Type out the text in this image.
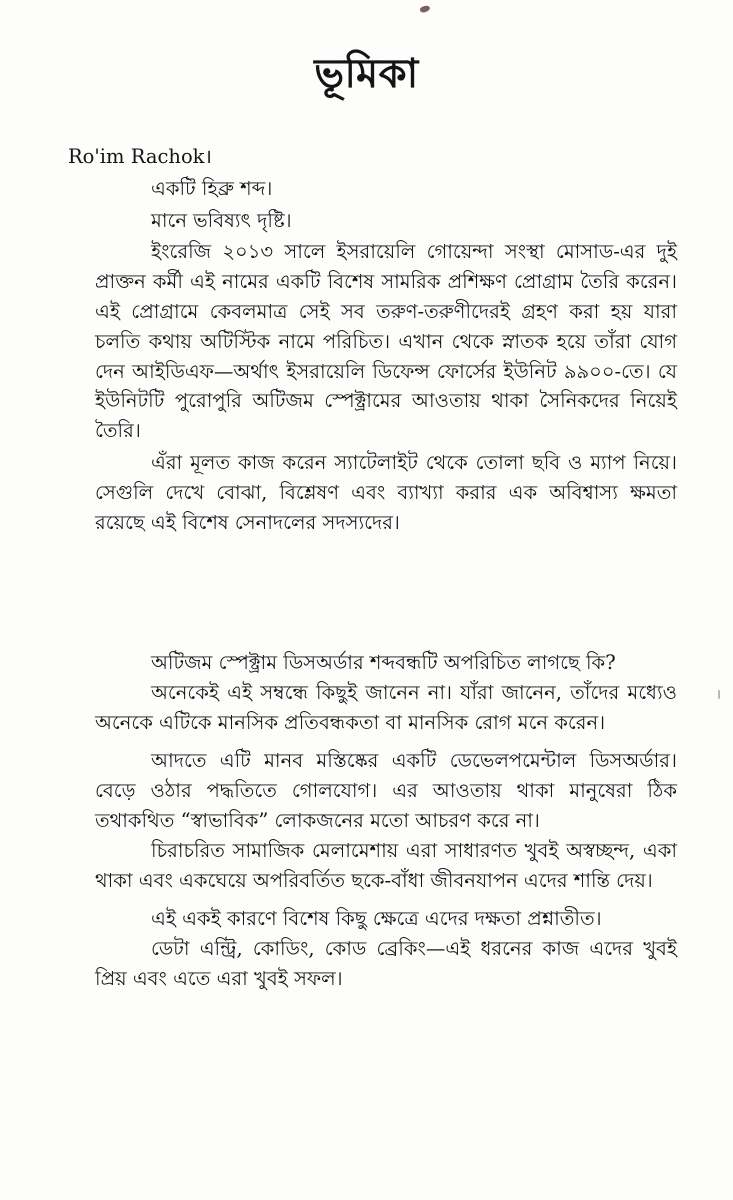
ভূমিকা

Ro'im Rachok।

একটি হিব্রু শব্দ।

মানে ভবিষ্যৎ দৃষ্টি।

ইংরেজি ২০১৩ সালে ইসরায়েলি গোয়েন্দা সংস্থা মোসাড-এর দুই প্রাক্তন কর্মী এই নামের একটি বিশেষ সামরিক প্রশিক্ষণ প্রোগ্রাম তৈরি করেন। এই প্রোগ্রামে কেবলমাত্র সেই সব তরুণ-তরুণীদেরই গ্রহণ করা হয় যারা চলতি কথায় অটিস্টিক নামে পরিচিত। এখান থেকে স্নাতক হয়ে তাঁরা যোগ দেন আইডিএফ—অর্থাৎ ইসরায়েলি ডিফেন্স ফোর্সের ইউনিট ৯৯০০-তে। যে ইউনিটটি পুরোপুরি অটিজম স্পেক্ট্রামের আওতায় থাকা সৈনিকদের নিয়েই তৈরি।

এঁরা মূলত কাজ করেন স্যাটেলাইট থেকে তোলা ছবি ও ম্যাপ নিয়ে। সেগুলি দেখে বোঝা, বিশ্লেষণ এবং ব্যাখ্যা করার এক অবিশ্বাস্য ক্ষমতা রয়েছে এই বিশেষ সেনাদলের সদস্যদের।

অটিজম স্পেক্ট্রাম ডিসঅর্ডার শব্দবন্ধটি অপরিচিত লাগছে কি?

অনেকেই এই সম্বন্ধে কিছুই জানেন না। যাঁরা জানেন, তাঁদের মধ্যেও অনেকে এটিকে মানসিক প্রতিবন্ধকতা বা মানসিক রোগ মনে করেন।

আদতে এটি মানব মস্তিষ্কের একটি ডেভেলপমেন্টাল ডিসঅর্ডার। বেড়ে ওঠার পদ্ধতিতে গোলযোগ। এর আওতায় থাকা মানুষেরা ঠিক তথাকথিত “স্বাভাবিক” লোকজনের মতো আচরণ করে না।

চিরাচরিত সামাজিক মেলামেশায় এরা সাধারণত খুবই অস্বচ্ছন্দ, একা থাকা এবং একঘেয়ে অপরিবর্তিত ছকে-বাঁধা জীবনযাপন এদের শান্তি দেয়।

এই একই কারণে বিশেষ কিছু ক্ষেত্রে এদের দক্ষতা প্রশ্নাতীত।

ডেটা এন্ট্রি, কোডিং, কোড ব্রেকিং—এই ধরনের কাজ এদের খুবই প্রিয় এবং এতে এরা খুবই সফল।
